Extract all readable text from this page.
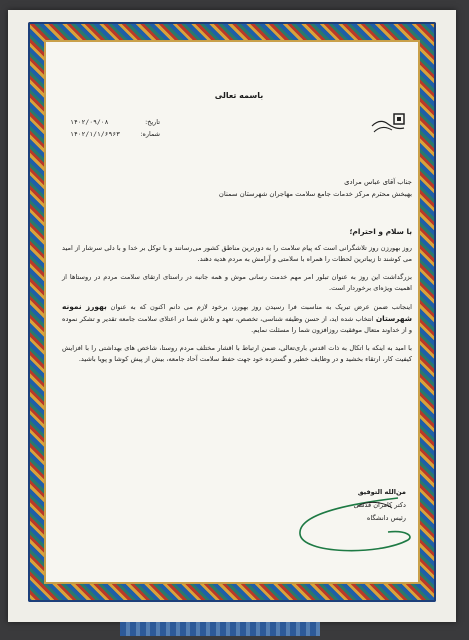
باسمه تعالی
تاریخ:
۱۴۰۲/۰۹/۰۸
شماره:
۱۴۰۲/۱/۱/۶۹۶۳
جناب آقای عباس مرادی
بهبخش محترم مرکز خدمات جامع سلامت مهاجران شهرستان سمنان
با سلام و احترام؛

روز بهورزن روز تلاشگرانی است که پیام سلامت را به دورترین مناطق کشور می‌رسانند و با توکل بر خدا و با دلی سرشار از امید می کوشند تا زیباترین لحظات را همراه با سلامتی و آرامش به مردم هدیه دهند.

بزرگداشت این روز به عنوان تبلور امر مهم خدمت رسانی موش و همه جانبه در راستای ارتقای سلامت مردم در روستاها از اهمیت ویژه‌ای برخوردار است.

اینجانب ضمن عرض تبریک به مناسبت فرا رسیدن روز بهورز، برخود لازم می دانم اکنون که به عنوان بهورز نمونه شهرستان انتخاب شده اید، از حسن وظیفه شناسی، تخصص، تعهد و تلاش شما در اعتلای سلامت جامعه تقدیر و تشکر نموده و از خداوند متعال موفقیت روزافزون شما را مسئلت نمایم.

با امید به اینکه با اتکال به ذات اقدس باری‌تعالی، ضمن ارتباط با اقشار مختلف مردم روستا، شاخص های بهداشتی را با افزایش کیفیت کار، ارتقاء بخشید و در وظایف خطیر و گسترده خود جهت حفظ سلامت آحاد جامعه، بیش از پیش کوشا و پویا باشید.

من‌الله التوفیق
دکتر کامران قدسی
رئیس دانشگاه
